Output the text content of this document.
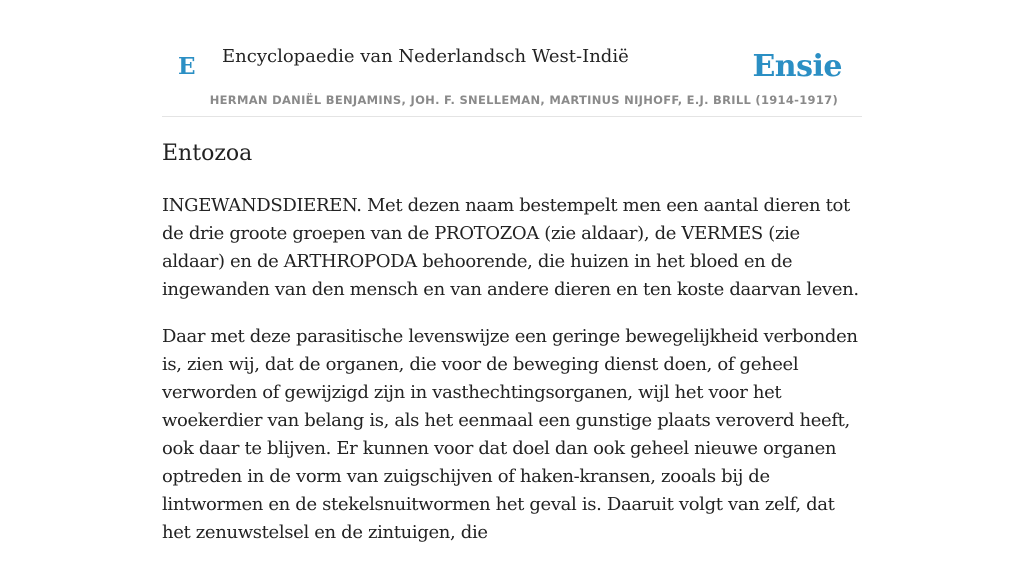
E Encyclopaedie van Nederlandsch West-Indië	Ensie
HERMAN DANIËL BENJAMINS, JOH. F. SNELLEMAN, MARTINUS NIJHOFF, E.J. BRILL (1914-1917)
Entozoa

INGEWANDSDIEREN. Met dezen naam bestempelt men een aantal dieren tot de drie groote groepen van de PROTOZOA (zie aldaar), de VERMES (zie aldaar) en de ARTHROPODA behoorende, die huizen in het bloed en de ingewanden van den mensch en van andere dieren en ten koste daarvan leven.

Daar met deze parasitische levenswijze een geringe bewegelijkheid verbonden is, zien wij, dat de organen, die voor de beweging dienst doen, of geheel verworden of gewijzigd zijn in vasthechtingsorganen, wijl het voor het woekerdier van belang is, als het eenmaal een gunstige plaats veroverd heeft, ook daar te blijven. Er kunnen voor dat doel dan ook geheel nieuwe organen optreden in de vorm van zuigschijven of haken-kransen, zooals bij de lintwormen en de stekelsnuitwormen het geval is. Daaruit volgt van zelf, dat het zenuwstelsel en de zintuigen, die
